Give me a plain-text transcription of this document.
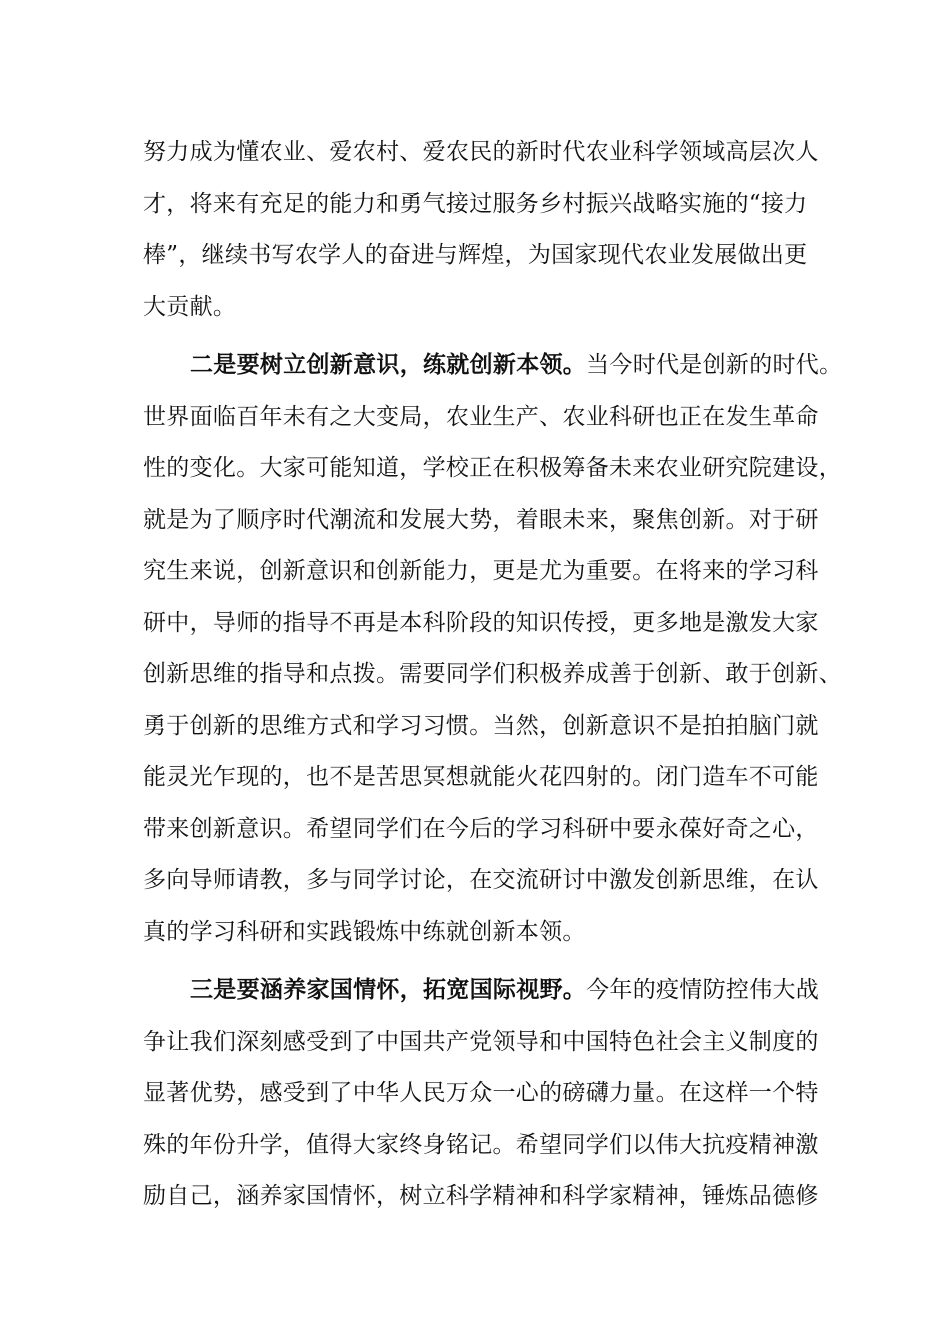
努力成为懂农业、爱农村、爱农民的新时代农业科学领域高层次人
才，将来有充足的能力和勇气接过服务乡村振兴战略实施的“接力
棒”，继续书写农学人的奋进与辉煌，为国家现代农业发展做出更
大贡献。
二是要树立创新意识，练就创新本领。当今时代是创新的时代。
世界面临百年未有之大变局，农业生产、农业科研也正在发生革命
性的变化。大家可能知道，学校正在积极筹备未来农业研究院建设，
就是为了顺序时代潮流和发展大势，着眼未来，聚焦创新。对于研
究生来说，创新意识和创新能力，更是尤为重要。在将来的学习科
研中，导师的指导不再是本科阶段的知识传授，更多地是激发大家
创新思维的指导和点拨。需要同学们积极养成善于创新、敢于创新、
勇于创新的思维方式和学习习惯。当然，创新意识不是拍拍脑门就
能灵光乍现的，也不是苦思冥想就能火花四射的。闭门造车不可能
带来创新意识。希望同学们在今后的学习科研中要永葆好奇之心，
多向导师请教，多与同学讨论，在交流研讨中激发创新思维，在认
真的学习科研和实践锻炼中练就创新本领。
三是要涵养家国情怀，拓宽国际视野。今年的疫情防控伟大战
争让我们深刻感受到了中国共产党领导和中国特色社会主义制度的
显著优势，感受到了中华人民万众一心的磅礴力量。在这样一个特
殊的年份升学，值得大家终身铭记。希望同学们以伟大抗疫精神激
励自己，涵养家国情怀，树立科学精神和科学家精神，锤炼品德修
